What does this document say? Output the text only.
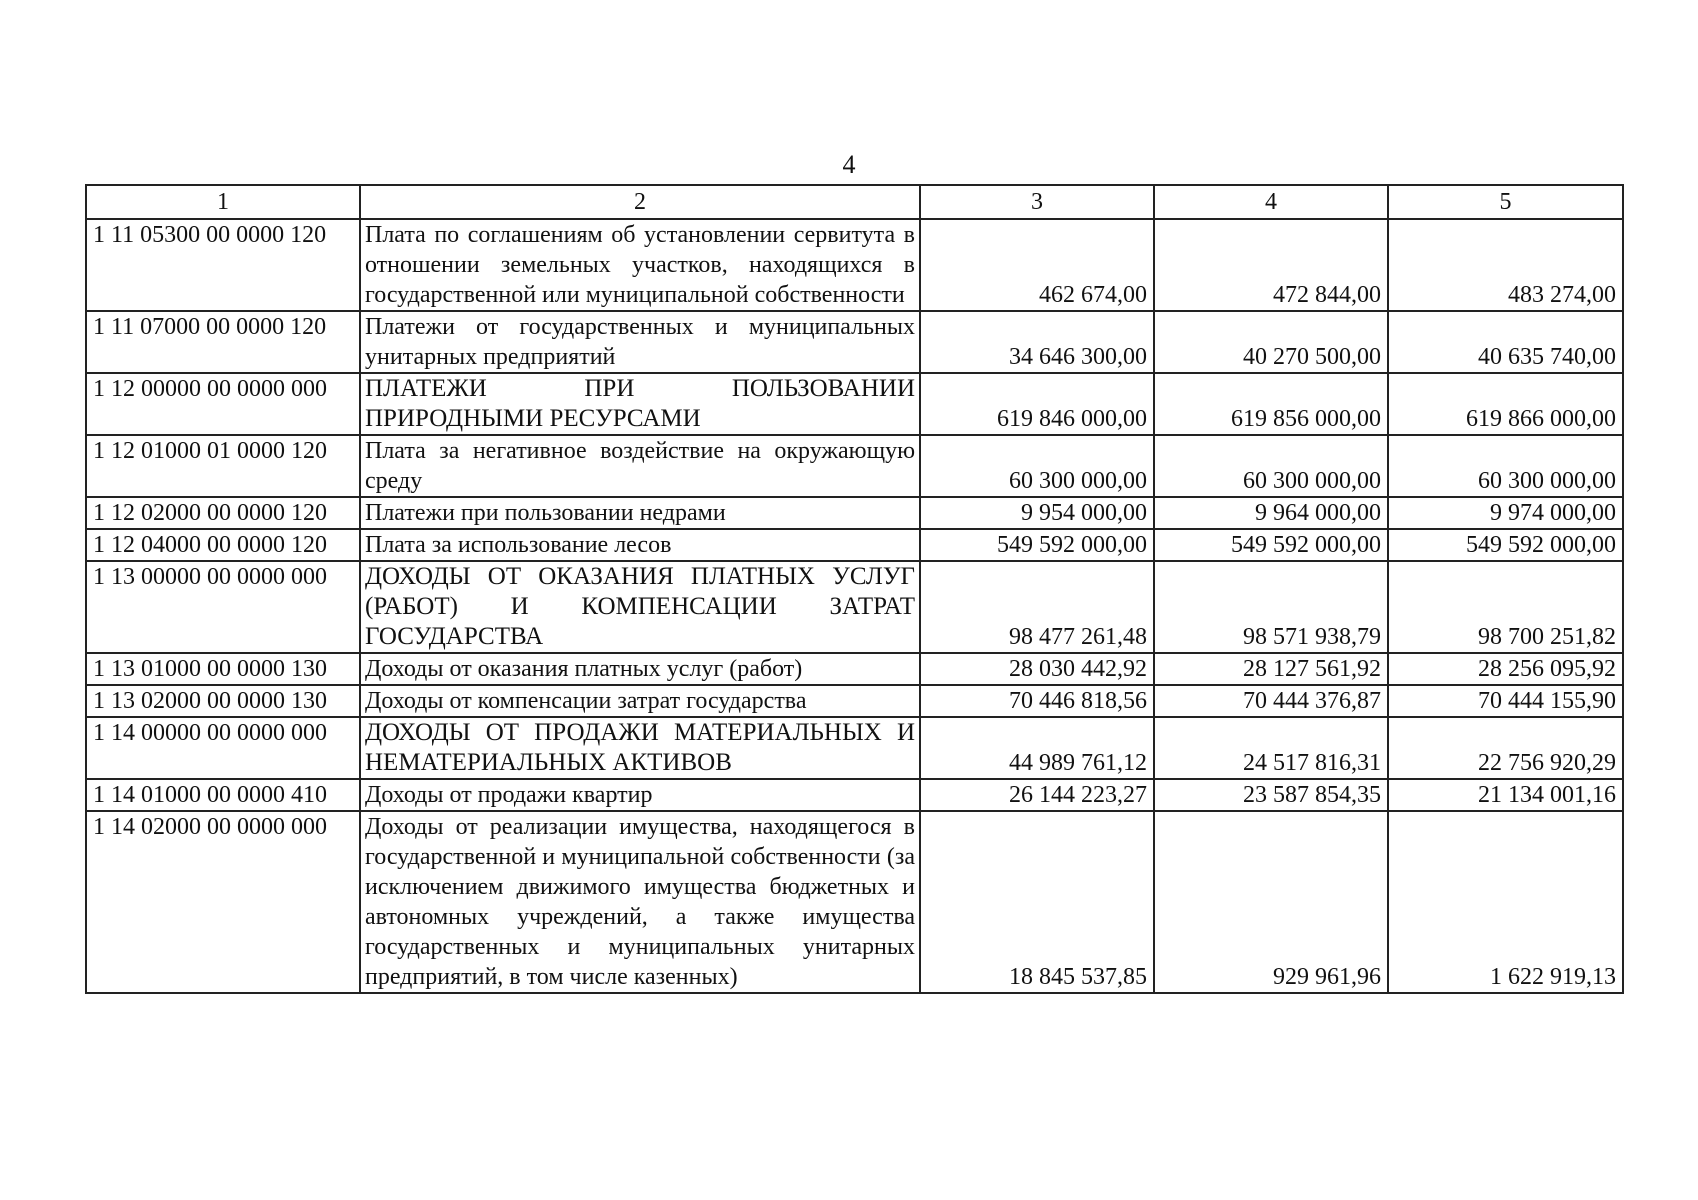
4
1	2	3	4	5
1 11 05300 00 0000 120	Плата по соглашениям об установлении сервитута в отношении земельных участков, находящихся в государственной или муниципальной собственности	462 674,00	472 844,00	483 274,00
1 11 07000 00 0000 120	Платежи от государственных и муниципальных унитарных предприятий	34 646 300,00	40 270 500,00	40 635 740,00
1 12 00000 00 0000 000	ПЛАТЕЖИ ПРИ ПОЛЬЗОВАНИИ ПРИРОДНЫМИ РЕСУРСАМИ	619 846 000,00	619 856 000,00	619 866 000,00
1 12 01000 01 0000 120	Плата за негативное воздействие на окружающую среду	60 300 000,00	60 300 000,00	60 300 000,00
1 12 02000 00 0000 120	Платежи при пользовании недрами	9 954 000,00	9 964 000,00	9 974 000,00
1 12 04000 00 0000 120	Плата за использование лесов	549 592 000,00	549 592 000,00	549 592 000,00
1 13 00000 00 0000 000	ДОХОДЫ ОТ ОКАЗАНИЯ ПЛАТНЫХ УСЛУГ (РАБОТ) И КОМПЕНСАЦИИ ЗАТРАТ ГОСУДАРСТВА	98 477 261,48	98 571 938,79	98 700 251,82
1 13 01000 00 0000 130	Доходы от оказания платных услуг (работ)	28 030 442,92	28 127 561,92	28 256 095,92
1 13 02000 00 0000 130	Доходы от компенсации затрат государства	70 446 818,56	70 444 376,87	70 444 155,90
1 14 00000 00 0000 000	ДОХОДЫ ОТ ПРОДАЖИ МАТЕРИАЛЬНЫХ И НЕМАТЕРИАЛЬНЫХ АКТИВОВ	44 989 761,12	24 517 816,31	22 756 920,29
1 14 01000 00 0000 410	Доходы от продажи квартир	26 144 223,27	23 587 854,35	21 134 001,16
1 14 02000 00 0000 000	Доходы от реализации имущества, находящегося в государственной и муниципальной собственности (за исключением движимого имущества бюджетных и автономных учреждений, а также имущества государственных и муниципальных унитарных предприятий, в том числе казенных)	18 845 537,85	929 961,96	1 622 919,13
